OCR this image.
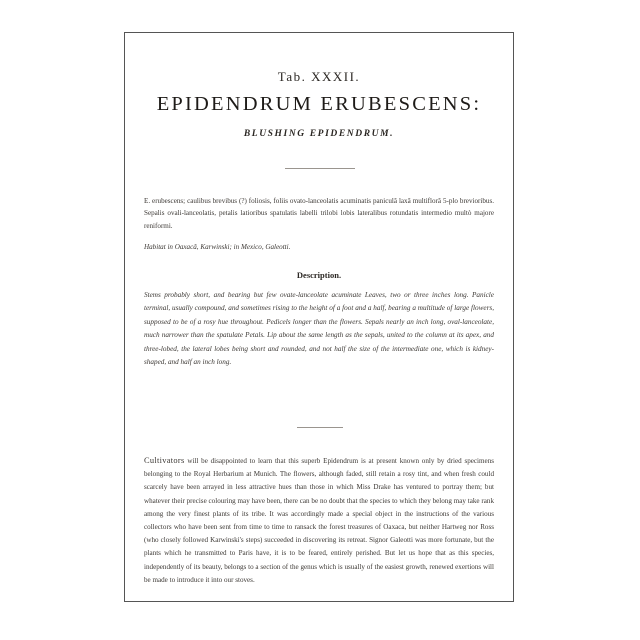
Tab. XXXII.
EPIDENDRUM ERUBESCENS:
BLUSHING EPIDENDRUM.
E. erubescens; caulibus brevibus (?) foliosis, foliis ovato-lanceolatis acuminatis paniculâ laxâ multiflorâ 5-plo brevioribus. Sepalis ovali-lanceolatis, petalis latioribus spatulatis labelli trilobi lobis lateralibus rotundatis intermedio multò majore reniformi.
Habitat in Oaxacâ, Karwinski; in Mexico, Galeotti.
Description.
Stems probably short, and bearing but few ovate-lanceolate acuminate Leaves, two or three inches long. Panicle terminal, usually compound, and sometimes rising to the height of a foot and a half, bearing a multitude of large flowers, supposed to be of a rosy hue throughout. Pedicels longer than the flowers. Sepals nearly an inch long, oval-lanceolate, much narrower than the spatulate Petals. Lip about the same length as the sepals, united to the column at its apex, and three-lobed, the lateral lobes being short and rounded, and not half the size of the intermediate one, which is kidney-shaped, and half an inch long.
Cultivators will be disappointed to learn that this superb Epidendrum is at present known only by dried specimens belonging to the Royal Herbarium at Munich. The flowers, although faded, still retain a rosy tint, and when fresh could scarcely have been arrayed in less attractive hues than those in which Miss Drake has ventured to portray them; but whatever their precise colouring may have been, there can be no doubt that the species to which they belong may take rank among the very finest plants of its tribe. It was accordingly made a special object in the instructions of the various collectors who have been sent from time to time to ransack the forest treasures of Oaxaca, but neither Hartweg nor Ross (who closely followed Karwinski's steps) succeeded in discovering its retreat. Signor Galeotti was more fortunate, but the plants which he transmitted to Paris have, it is to be feared, entirely perished. But let us hope that as this species, independently of its beauty, belongs to a section of the genus which is usually of the easiest growth, renewed exertions will be made to introduce it into our stoves.
